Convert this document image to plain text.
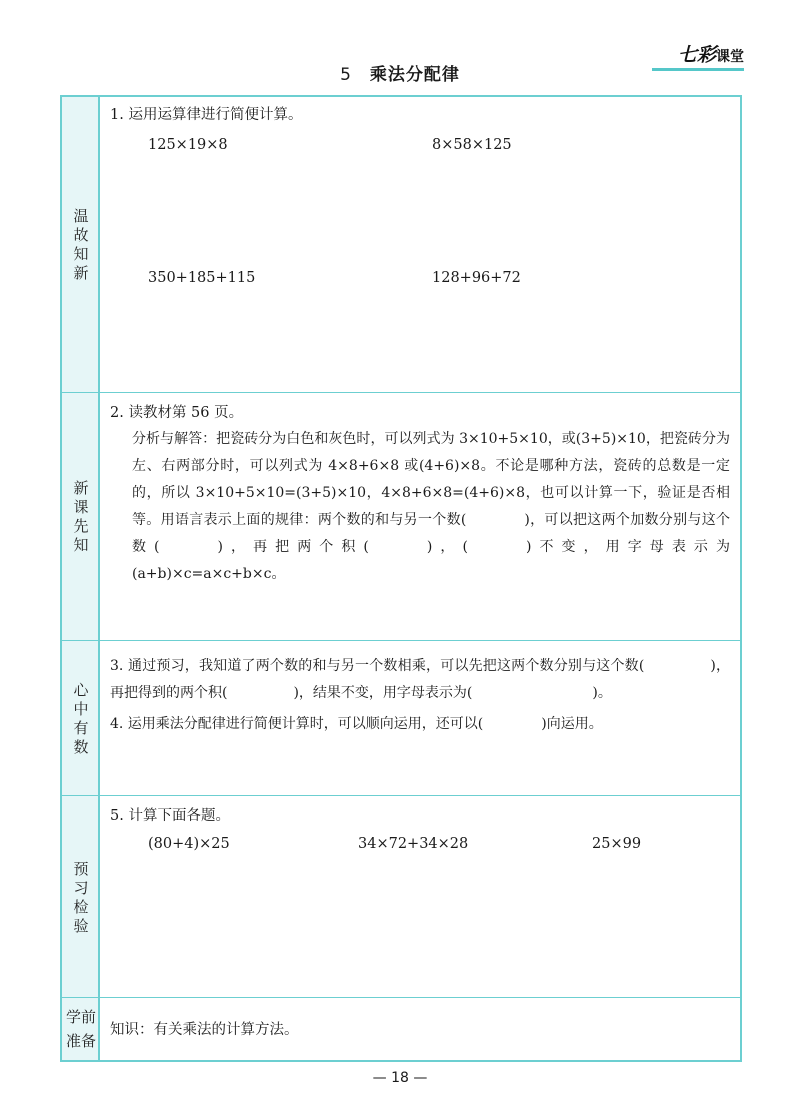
5 乘法分配律
七彩课堂
温故知新
1. 运用运算律进行简便计算。
125×19×8	8×58×125
350+185+115	128+96+72
新课先知
2. 读教材第 56 页。
分析与解答：把瓷砖分为白色和灰色时，可以列式为 3×10+5×10，或(3+5)×10，把瓷砖分为左、右两部分时，可以列式为 4×8+6×8 或(4+6)×8。不论是哪种方法，瓷砖的总数是一定的，所以 3×10+5×10=(3+5)×10，4×8+6×8=(4+6)×8，也可以计算一下，验证是否相等。用语言表示上面的规律：两个数的和与另一个数(	)，可以把这两个加数分别与这个数(	)，再把两个积(	)，(	)不变，用字母表示为(a+b)×c=a×c+b×c。
心中有数
3. 通过预习，我知道了两个数的和与另一个数相乘，可以先把这两个数分别与这个数(	)，再把得到的两个积(	)，结果不变，用字母表示为(	)。
4. 运用乘法分配律进行简便计算时，可以顺向运用，还可以(	)向运用。
预习检验
5. 计算下面各题。
(80+4)×25	34×72+34×28	25×99
学前
准备
知识：有关乘法的计算方法。
— 18 —
